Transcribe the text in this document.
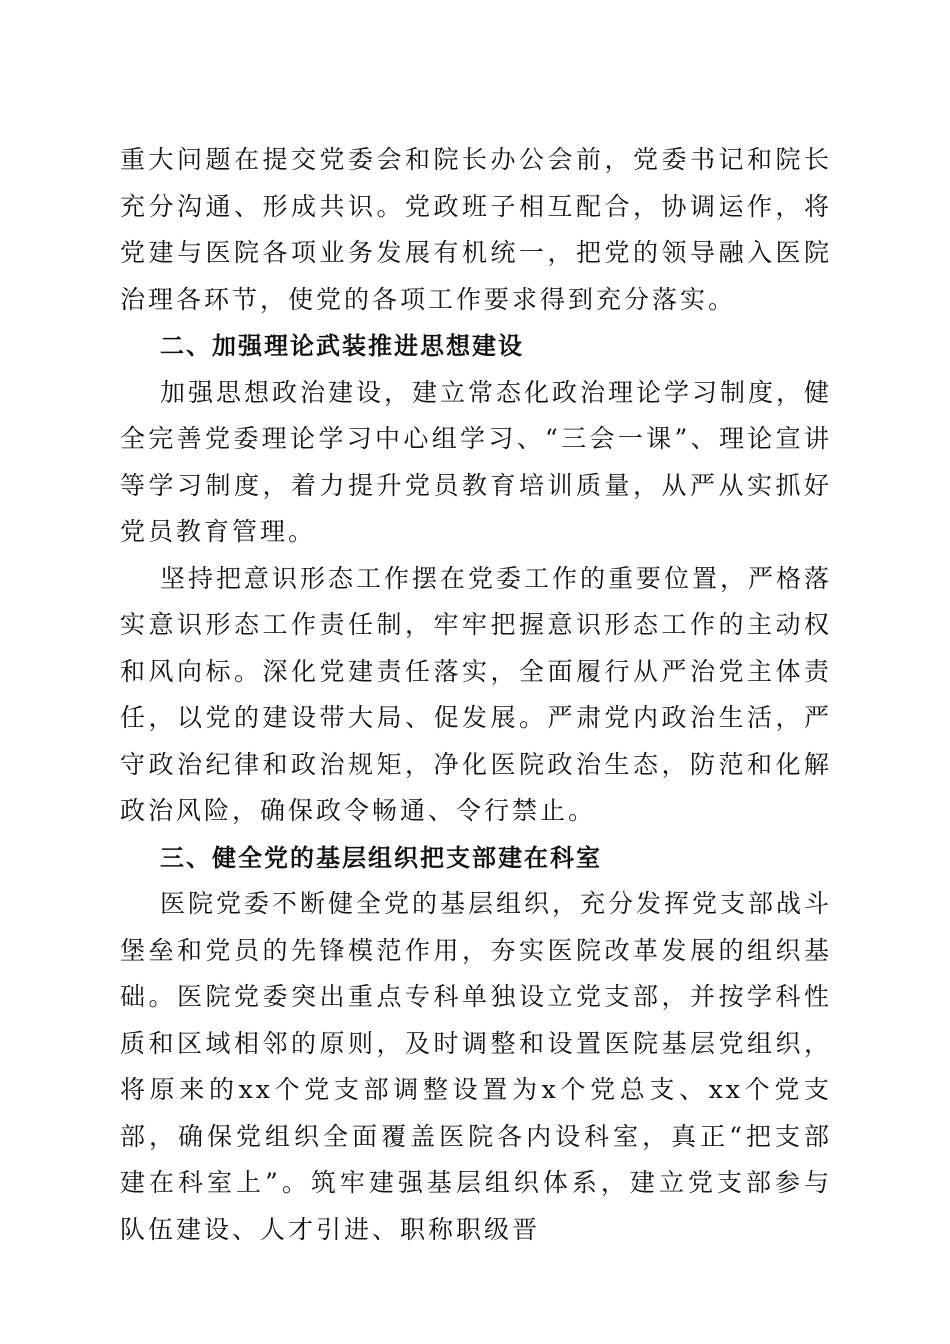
重大问题在提交党委会和院长办公会前，党委书记和院长充分沟通、形成共识。党政班子相互配合，协调运作，将党建与医院各项业务发展有机统一，把党的领导融入医院治理各环节，使党的各项工作要求得到充分落实。

二、加强理论武装推进思想建设

加强思想政治建设，建立常态化政治理论学习制度，健全完善党委理论学习中心组学习、“三会一课”、理论宣讲等学习制度，着力提升党员教育培训质量，从严从实抓好党员教育管理。

坚持把意识形态工作摆在党委工作的重要位置，严格落实意识形态工作责任制，牢牢把握意识形态工作的主动权和风向标。深化党建责任落实，全面履行从严治党主体责任，以党的建设带大局、促发展。严肃党内政治生活，严守政治纪律和政治规矩，净化医院政治生态，防范和化解政治风险，确保政令畅通、令行禁止。

三、健全党的基层组织把支部建在科室

医院党委不断健全党的基层组织，充分发挥党支部战斗堡垒和党员的先锋模范作用，夯实医院改革发展的组织基础。医院党委突出重点专科单独设立党支部，并按学科性质和区域相邻的原则，及时调整和设置医院基层党组织，将原来的xx个党支部调整设置为x个党总支、xx个党支部，确保党组织全面覆盖医院各内设科室，真正“把支部建在科室上”。筑牢建强基层组织体系，建立党支部参与队伍建设、人才引进、职称职级晋
